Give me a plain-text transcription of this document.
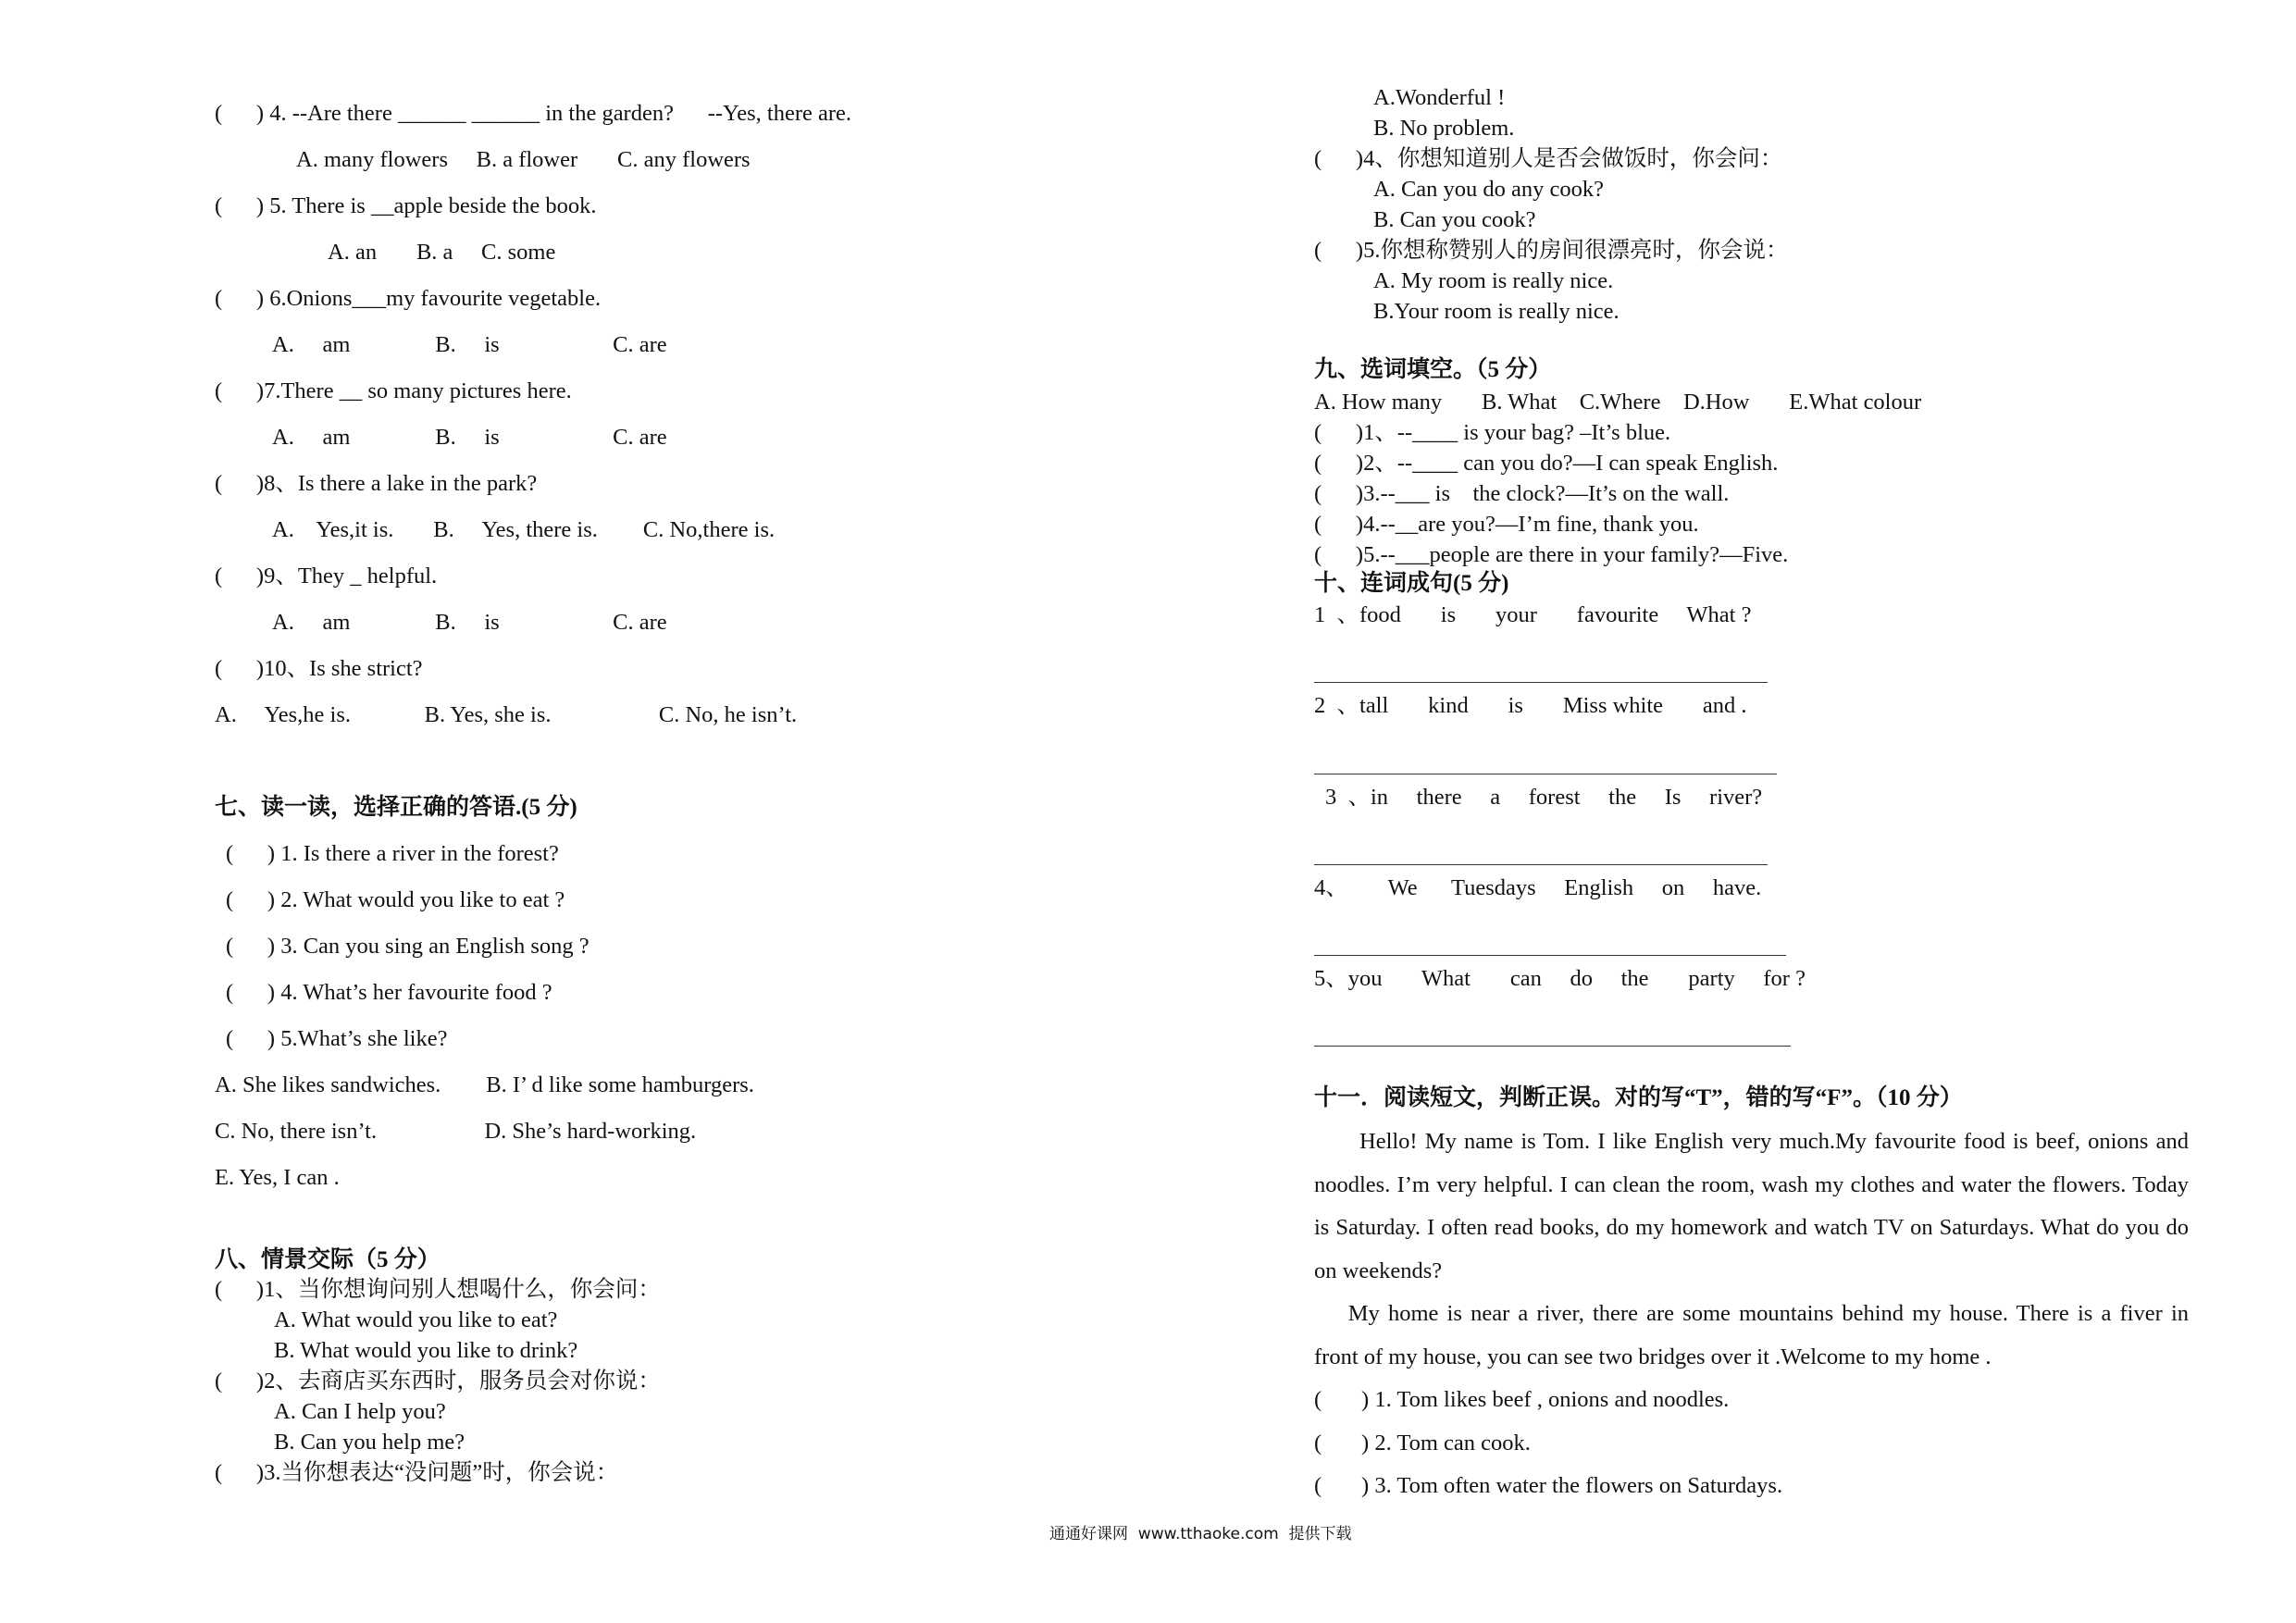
(      ) 4. --Are there ______ ______ in the garden?      --Yes, there are.
A. many flowers     B. a flower       C. any flowers
(      ) 5. There is __apple beside the book.
A. an       B. a     C. some
(      ) 6.Onions___my favourite vegetable.
A.     am               B.     is                    C. are
(      )7.There __ so many pictures here.
A.     am               B.     is                    C. are
(      )8、Is there a lake in the park?
A.    Yes,it is.       B.     Yes, there is.        C. No,there is.
(      )9、They _ helpful.
A.     am               B.     is                    C. are
(      )10、Is she strict?
A.     Yes,he is.             B. Yes, she is.                   C. No, he isn’t.
七、读一读，选择正确的答语.(5 分)
(      ) 1. Is there a river in the forest?
(      ) 2. What would you like to eat ?
(      ) 3. Can you sing an English song ?
(      ) 4. What’s her favourite food ?
(      ) 5.What’s she like?
A. She likes sandwiches.        B. I’ d like some hamburgers.
C. No, there isn’t.                   D. She’s hard-working.
E. Yes, I can .
八、情景交际（5 分）
(      )1、当你想询问别人想喝什么，你会问：
A. What would you like to eat?
B. What would you like to drink?
(      )2、去商店买东西时，服务员会对你说：
A. Can I help you?
B. Can you help me?
(      )3.当你想表达“没问题”时，你会说：
A.Wonderful !
B. No problem.
(      )4、你想知道别人是否会做饭时，你会问：
A. Can you do any cook?
B. Can you cook?
(      )5.你想称赞别人的房间很漂亮时，你会说：
A. My room is really nice.
B.Your room is really nice.
九、选词填空。（5 分）
A. How many       B. What    C.Where    D.How       E.What colour
(      )1、--____ is your bag? –It’s blue.
(      )2、--____ can you do?—I can speak English.
(      )3.--___ is    the clock?—It’s on the wall.
(      )4.--__are you?—I’m fine, thank you.
(      )5.--___people are there in your family?—Five.
十、连词成句(5 分)
1  、food       is       your       favourite     What ?
2  、tall       kind       is       Miss white       and .
3  、in     there     a     forest     the     Is     river?
4、       We      Tuesdays     English     on     have.
5、you       What       can     do     the       party     for ?
十一．阅读短文，判断正误。对的写“T”，错的写“F”。（10 分）

Hello! My name is Tom. I like English very much.My favourite food is beef, onions and noodles. I’m very helpful. I can clean the room, wash my clothes and water the flowers. Today is Saturday. I often read books, do my homework and watch TV on Saturdays. What do you do on weekends?

My home is near a river, there are some mountains behind my house. There is a fiver in front of my house, you can see two bridges over it .Welcome to my home .

(       ) 1. Tom likes beef , onions and noodles.
(       ) 2. Tom can cook.
(       ) 3. Tom often water the flowers on Saturdays.
通通好课网  www.tthaoke.com  提供下载
